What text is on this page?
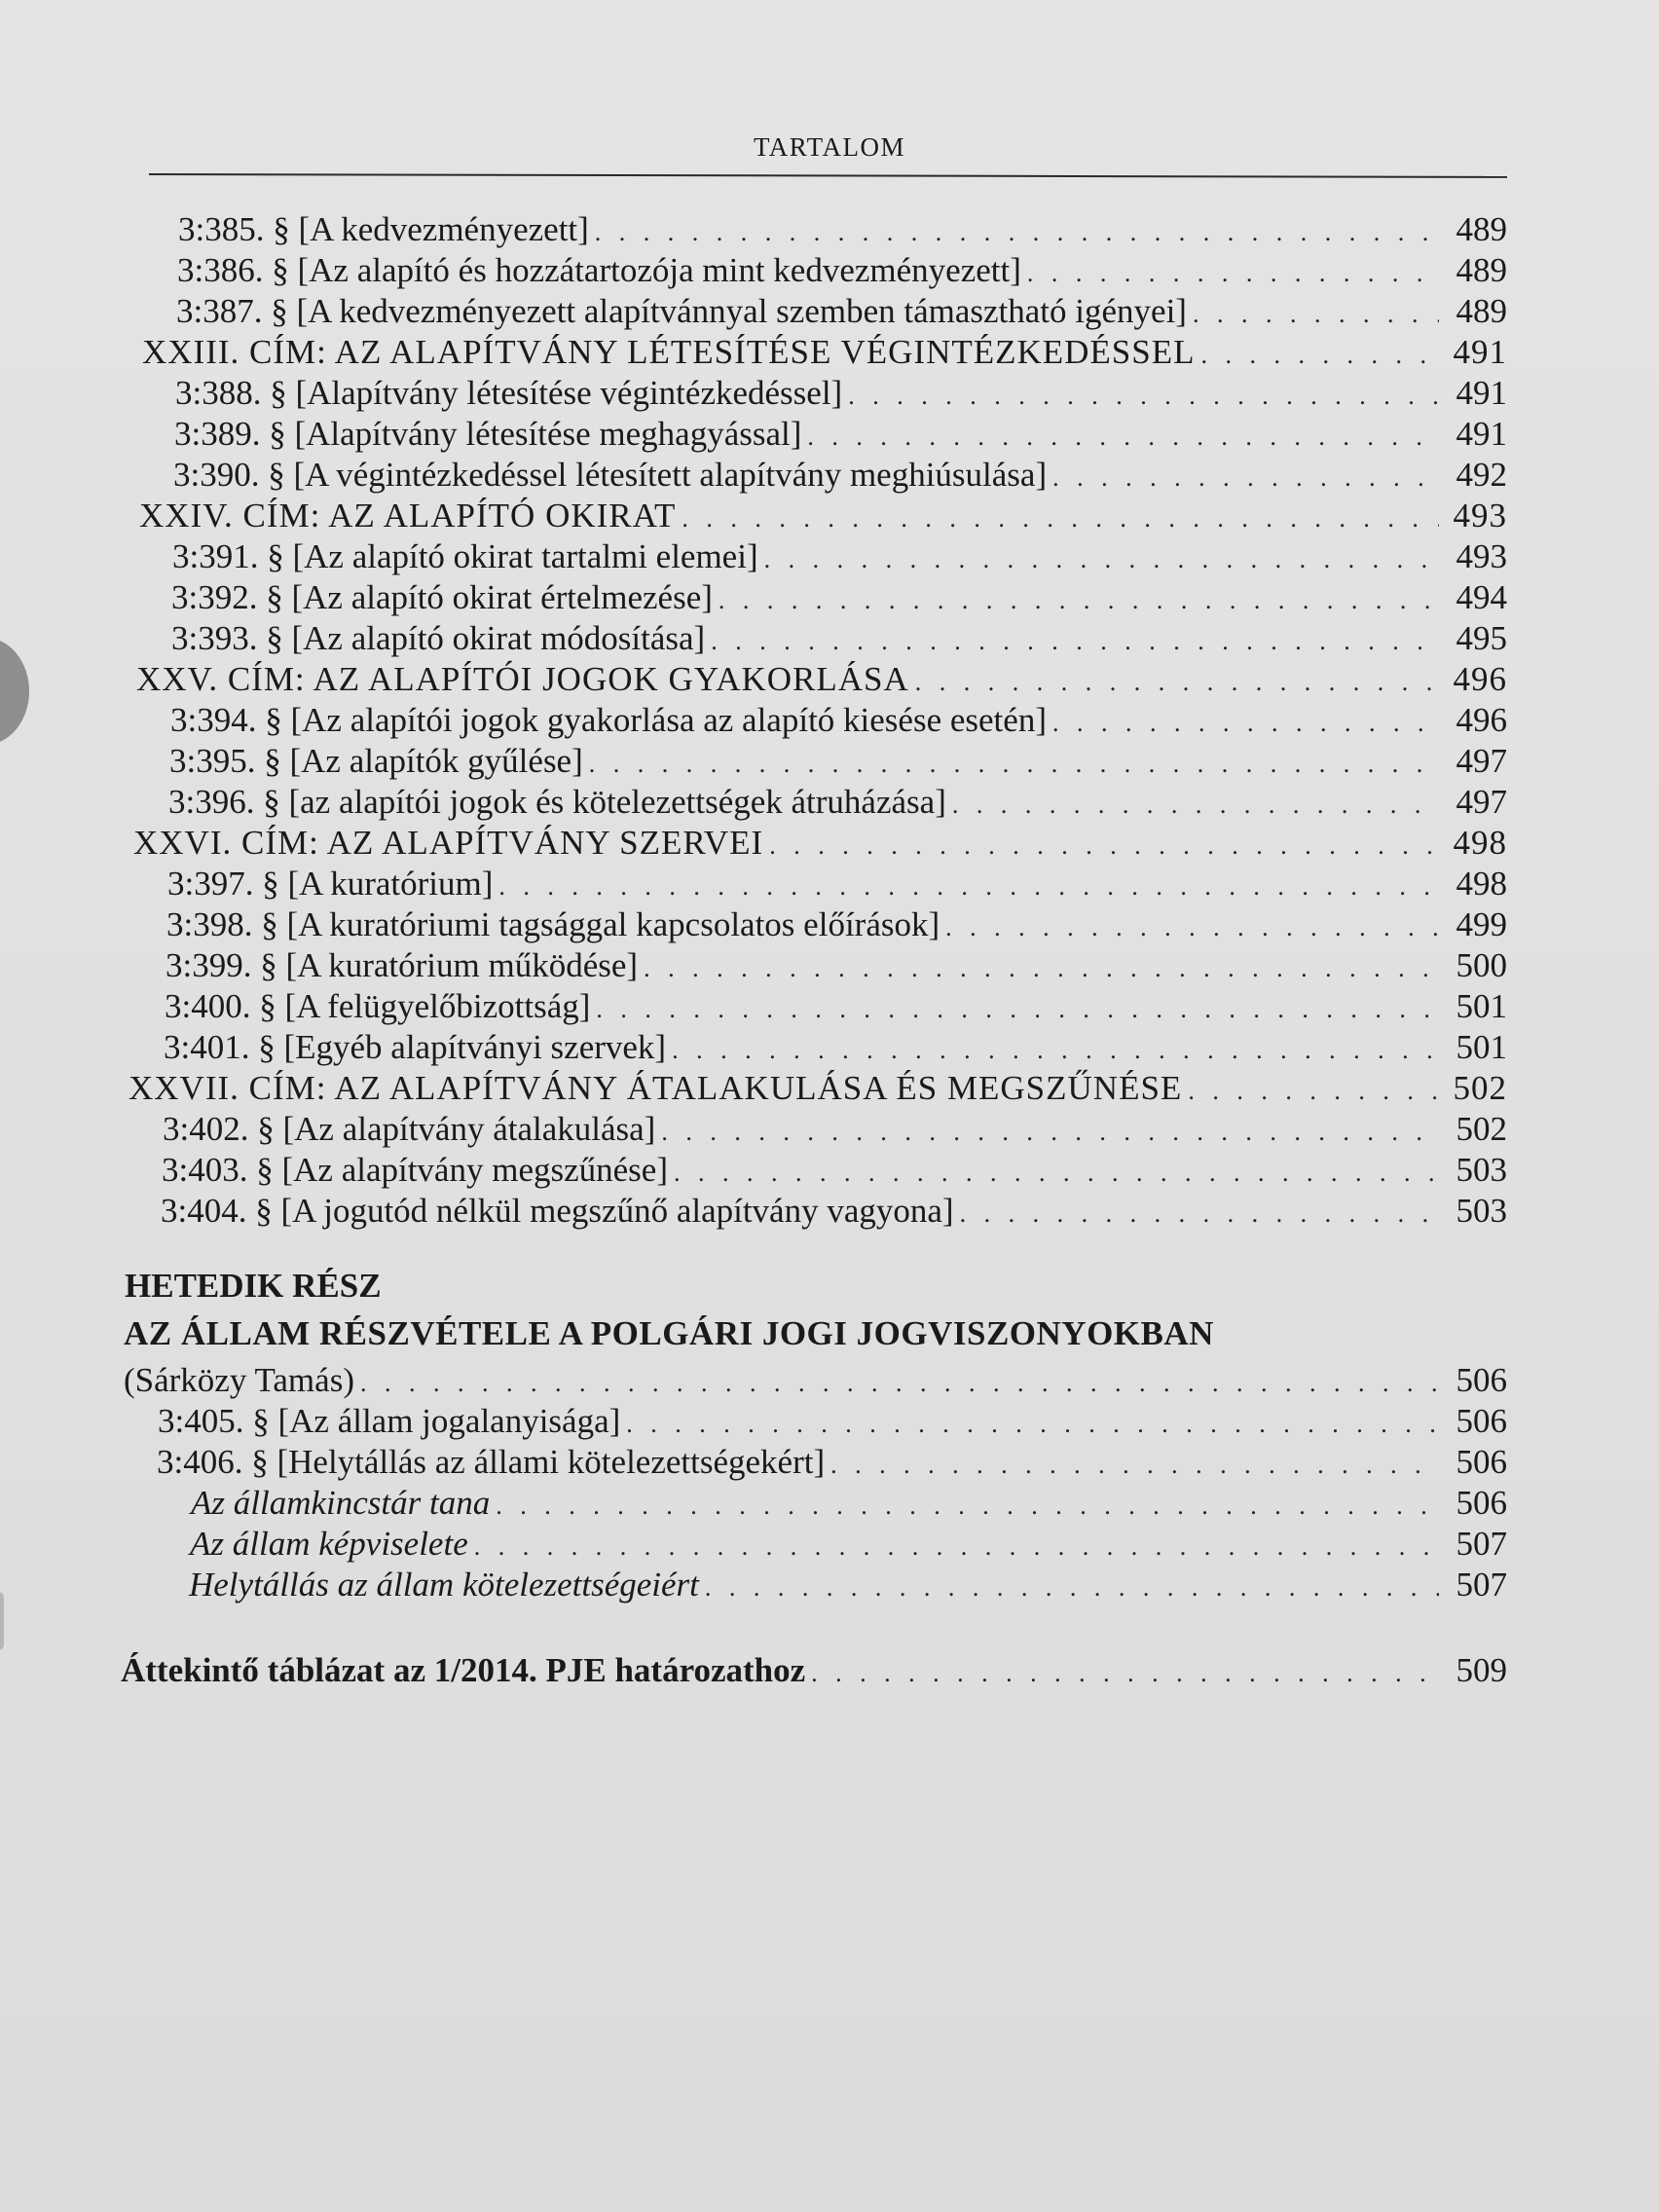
TARTALOM
3:385. § [A kedvezményezett] . . .	489
3:386. § [Az alapító és hozzátartozója mint kedvezményezett] . . .	489
3:387. § [A kedvezményezett alapítvánnyal szemben támasztható igényei] . . .	489
XXIII. CÍM: AZ ALAPÍTVÁNY LÉTESÍTÉSE VÉGINTÉZKEDÉSSEL . . .	491
3:388. § [Alapítvány létesítése végintézkedéssel] . . .	491
3:389. § [Alapítvány létesítése meghagyással] . . .	491
3:390. § [A végintézkedéssel létesített alapítvány meghiúsulása] . . .	492
XXIV. CÍM: AZ ALAPÍTÓ OKIRAT . . .	493
3:391. § [Az alapító okirat tartalmi elemei] . . .	493
3:392. § [Az alapító okirat értelmezése] . . .	494
3:393. § [Az alapító okirat módosítása] . . .	495
XXV. CÍM: AZ ALAPÍTÓI JOGOK GYAKORLÁSA . . .	496
3:394. § [Az alapítói jogok gyakorlása az alapító kiesése esetén] . . .	496
3:395. § [Az alapítók gyűlése] . . .	497
3:396. § [az alapítói jogok és kötelezettségek átruházása] . . .	497
XXVI. CÍM: AZ ALAPÍTVÁNY SZERVEI . . .	498
3:397. § [A kuratórium] . . .	498
3:398. § [A kuratóriumi tagsággal kapcsolatos előírások] . . .	499
3:399. § [A kuratórium működése] . . .	500
3:400. § [A felügyelőbizottság] . . .	501
3:401. § [Egyéb alapítványi szervek] . . .	501
XXVII. CÍM: AZ ALAPÍTVÁNY ÁTALAKULÁSA ÉS MEGSZŰNÉSE . . .	502
3:402. § [Az alapítvány átalakulása] . . .	502
3:403. § [Az alapítvány megszűnése] . . .	503
3:404. § [A jogutód nélkül megszűnő alapítvány vagyona] . . .	503
HETEDIK RÉSZ
AZ ÁLLAM RÉSZVÉTELE A POLGÁRI JOGI JOGVISZONYOKBAN
(Sárközy Tamás) . . .	506
3:405. § [Az állam jogalanyisága] . . .	506
3:406. § [Helytállás az állami kötelezettségekért] . . .	506
Az államkincstár tana . . .	506
Az állam képviselete . . .	507
Helytállás az állam kötelezettségeiért . . .	507
Áttekintő táblázat az 1/2014. PJE határozathoz . . .	509
